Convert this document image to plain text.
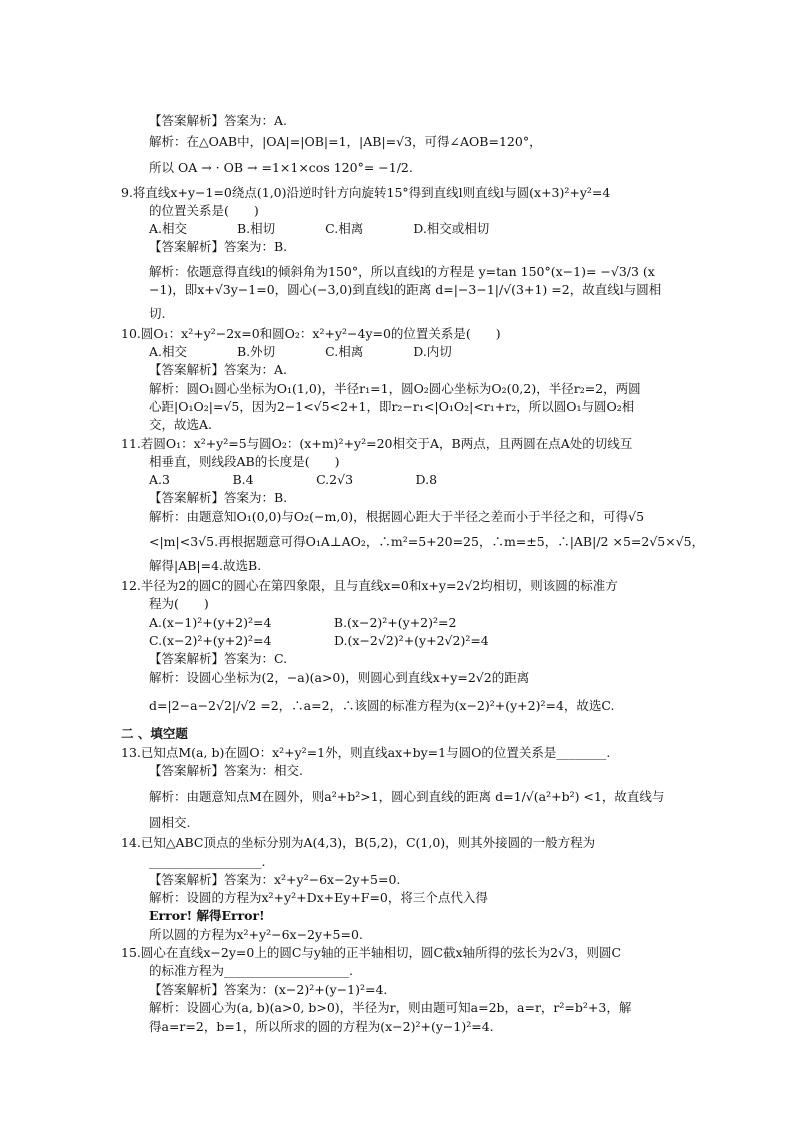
【答案解析】答案为：A.
解析：在△OAB中，|OA|=|OB|=1，|AB|=√3，可得∠AOB=120°，
所以 OA → · OB → =1×1×cos 120°= −1/2.
9.将直线x+y−1=0绕点(1,0)沿逆时针方向旋转15°得到直线l则直线l与圆(x+3)²+y²=4
的位置关系是(　　)
A.相交　　　　B.相切　　　　C.相离　　　　D.相交或相切
【答案解析】答案为：B.
解析：依题意得直线l的倾斜角为150°，所以直线l的方程是 y=tan 150°(x−1)= −√3/3 (x
−1)，即x+√3y−1=0，圆心(−3,0)到直线l的距离 d=|−3−1|/√(3+1) =2，故直线l与圆相
切.
10.圆O₁：x²+y²−2x=0和圆O₂：x²+y²−4y=0的位置关系是(　　)
A.相交　　　　B.外切　　　　C.相离　　　　D.内切
【答案解析】答案为：A.
解析：圆O₁圆心坐标为O₁(1,0)，半径r₁=1，圆O₂圆心坐标为O₂(0,2)，半径r₂=2，两圆
心距|O₁O₂|=√5，因为2−1<√5<2+1，即r₂−r₁<|O₁O₂|<r₁+r₂，所以圆O₁与圆O₂相
交，故选A.
11.若圆O₁：x²+y²=5与圆O₂：(x+m)²+y²=20相交于A，B两点，且两圆在点A处的切线互
相垂直，则线段AB的长度是(　　)
A.3　　　　　B.4　　　　　C.2√3　　　　　D.8
【答案解析】答案为：B.
解析：由题意知O₁(0,0)与O₂(−m,0)，根据圆心距大于半径之差而小于半径之和，可得√5
<|m|<3√5.再根据题意可得O₁A⊥AO₂，∴m²=5+20=25，∴m=±5，∴|AB|/2 ×5=2√5×√5，
解得|AB|=4.故选B.
12.半径为2的圆C的圆心在第四象限，且与直线x=0和x+y=2√2均相切，则该圆的标准方
程为(　　)
A.(x−1)²+(y+2)²=4　　　　　B.(x−2)²+(y+2)²=2
C.(x−2)²+(y+2)²=4　　　　　D.(x−2√2)²+(y+2√2)²=4
【答案解析】答案为：C.
解析：设圆心坐标为(2，−a)(a>0)，则圆心到直线x+y=2√2的距离
d=|2−a−2√2|/√2 =2，∴a=2，∴该圆的标准方程为(x−2)²+(y+2)²=4，故选C.
二 、填空题
13.已知点M(a, b)在圆O：x²+y²=1外，则直线ax+by=1与圆O的位置关系是________.
【答案解析】答案为：相交.
解析：由题意知点M在圆外，则a²+b²>1，圆心到直线的距离 d=1/√(a²+b²) <1，故直线与
圆相交.
14.已知△ABC顶点的坐标分别为A(4,3)，B(5,2)，C(1,0)，则其外接圆的一般方程为
__________________.
【答案解析】答案为：x²+y²−6x−2y+5=0.
解析：设圆的方程为x²+y²+Dx+Ey+F=0，将三个点代入得
Error! 解得Error!
所以圆的方程为x²+y²−6x−2y+5=0.
15.圆心在直线x−2y=0上的圆C与y轴的正半轴相切，圆C截x轴所得的弦长为2√3，则圆C
的标准方程为____________________.
【答案解析】答案为：(x−2)²+(y−1)²=4.
解析：设圆心为(a, b)(a>0, b>0)，半径为r，则由题可知a=2b，a=r，r²=b²+3，解
得a=r=2，b=1，所以所求的圆的方程为(x−2)²+(y−1)²=4.
